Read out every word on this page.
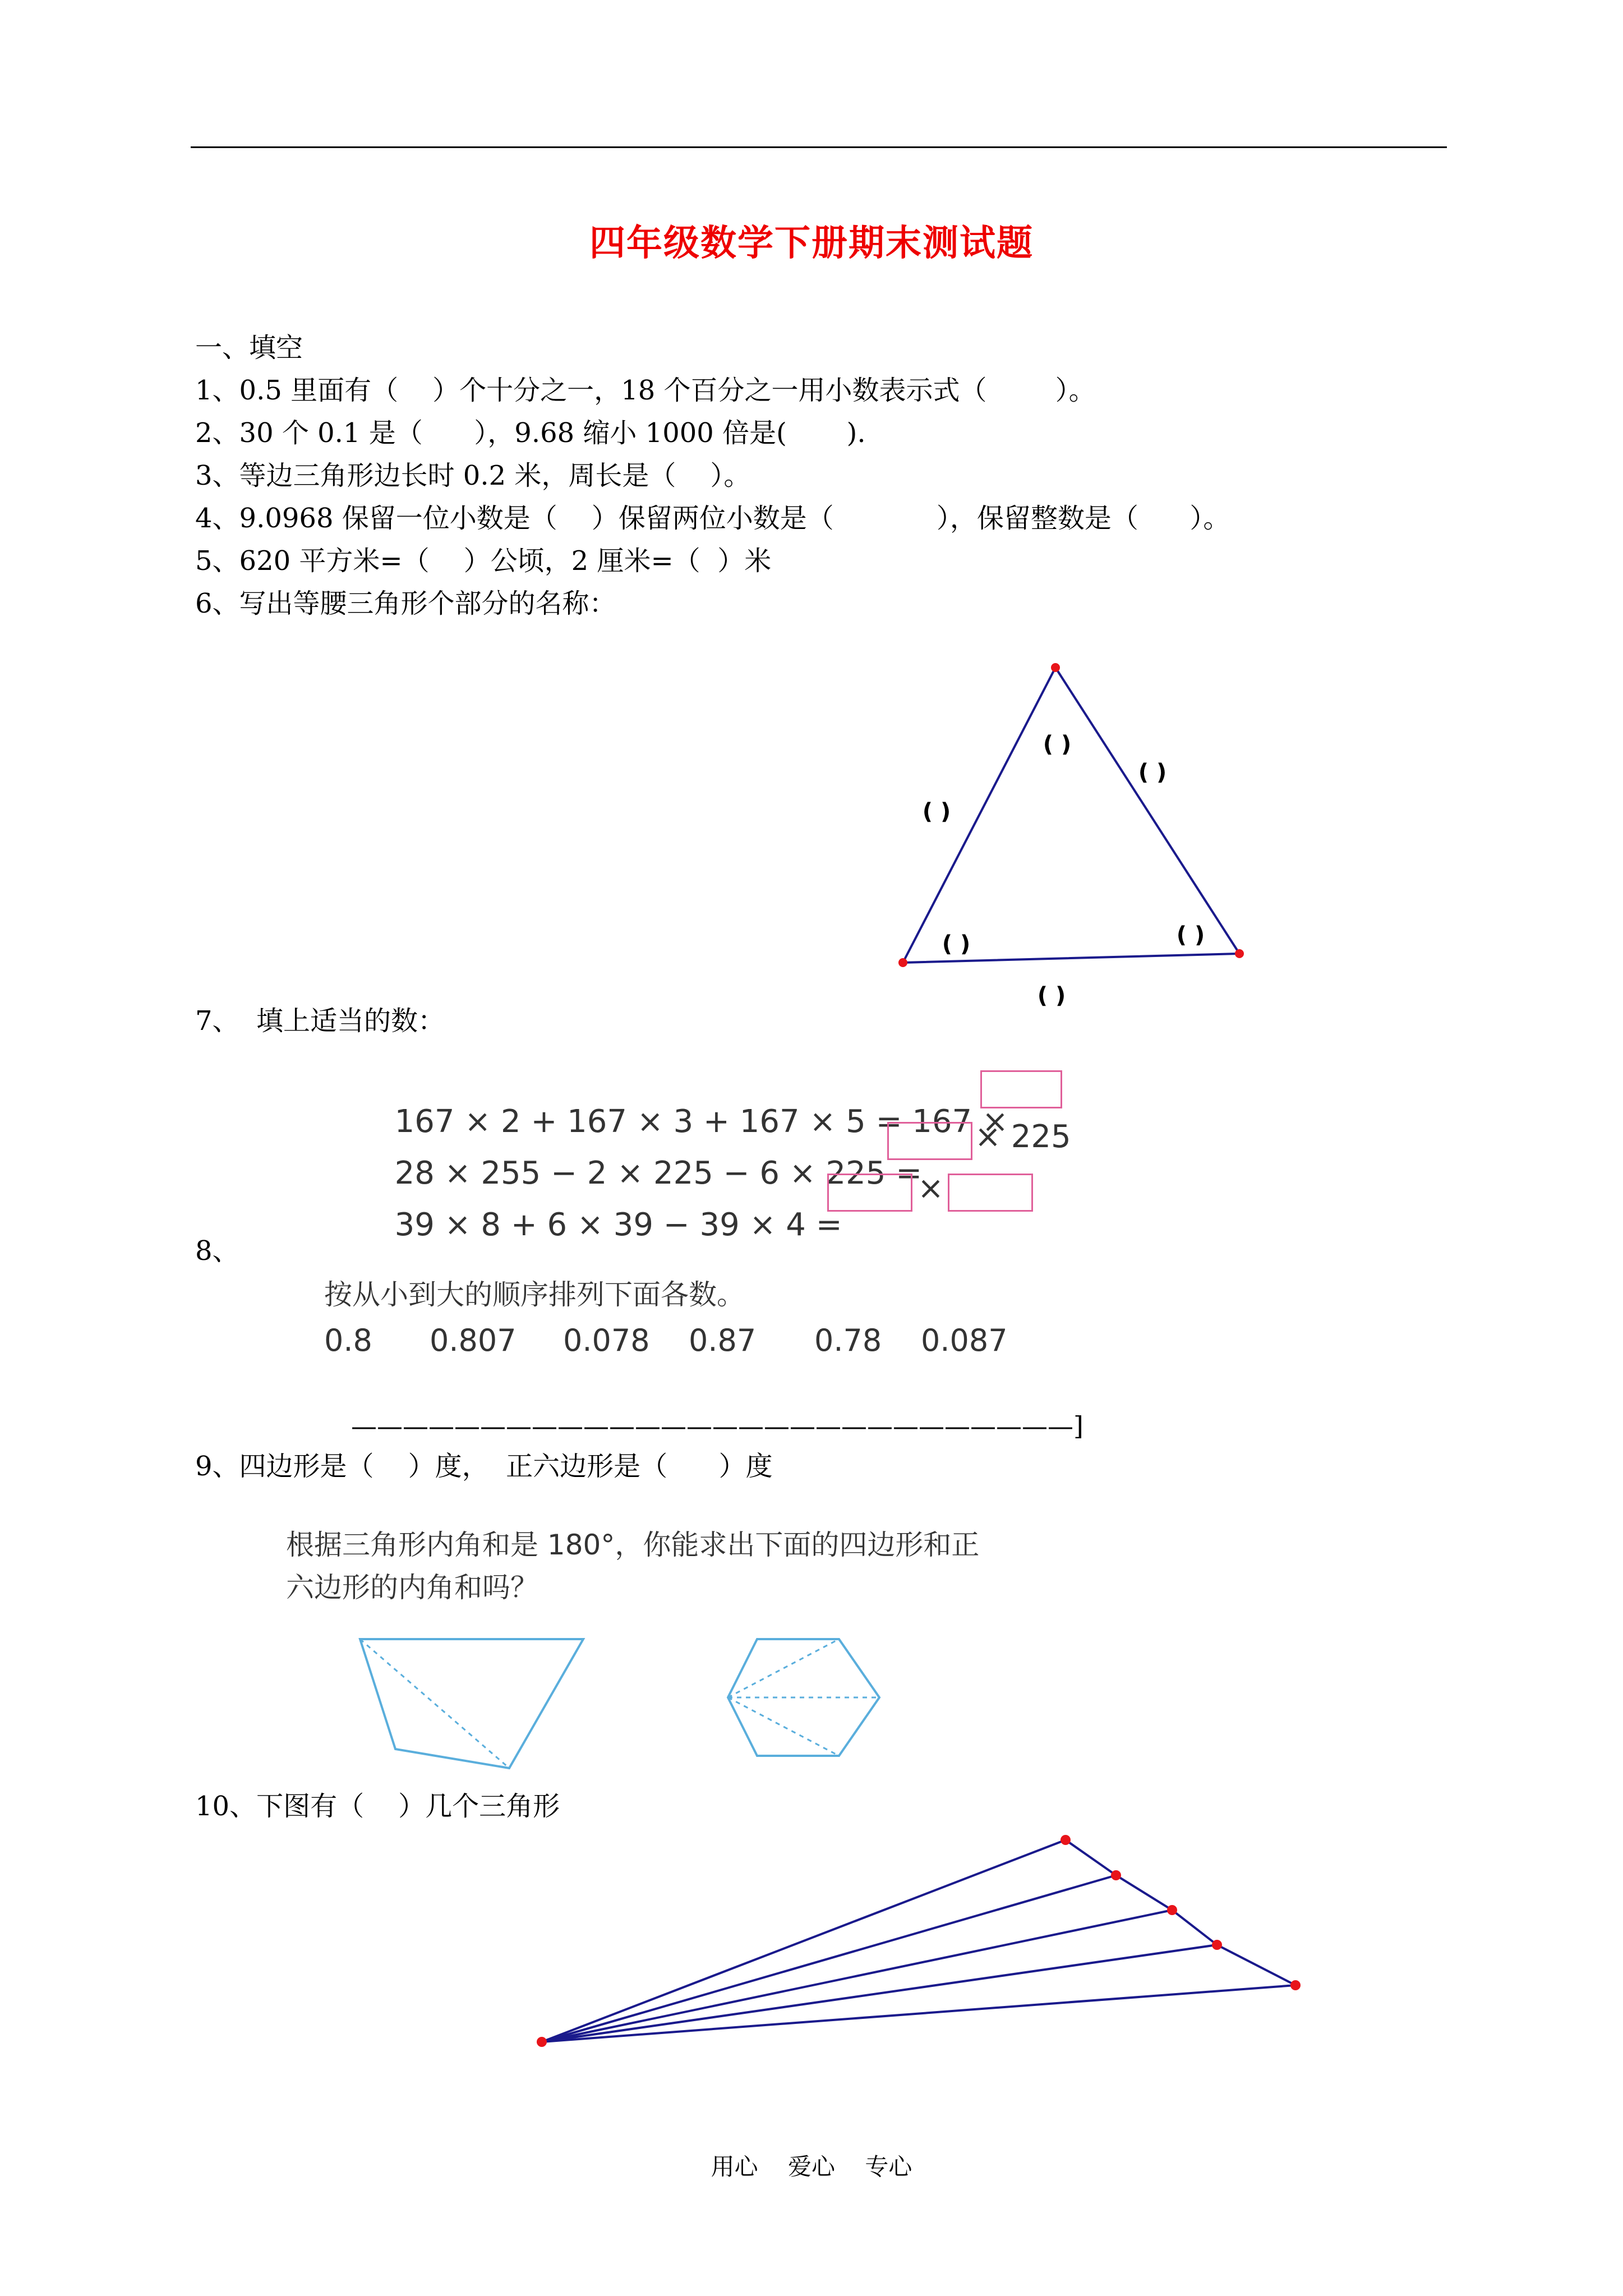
四年级数学下册期末测试题
一、填空
1、0.5 里面有（    ）个十分之一，18 个百分之一用小数表示式（        ）。
2、30 个 0.1 是（      ），9.68 缩小 1000 倍是(       ).
3、等边三角形边长时 0.2 米，周长是（    ）。
4、9.0968 保留一位小数是（    ）保留两位小数是（            ），保留整数是（      ）。
5、620 平方米=（    ）公顷，2 厘米=（  ）米
6、写出等腰三角形个部分的名称：
( )
( )
( )
( )	( )
( )
7、  填上适当的数：

167 × 2 + 167 × 3 + 167 × 5 = 167 ×

28 × 255 − 2 × 225 − 6 × 225 =

× 225

39 × 8 + 6 × 39 − 39 × 4 =

×
8、
按从小到大的顺序排列下面各数。
0.8 0.807 0.078 0.87 0.78 0.087
————————————————————————————]
9、四边形是（    ）度，  正六边形是（      ）度
根据三角形内角和是 180°，你能求出下面的四边形和正
六边形的内角和吗？
10、下图有（    ）几个三角形
用心    爱心    专心
